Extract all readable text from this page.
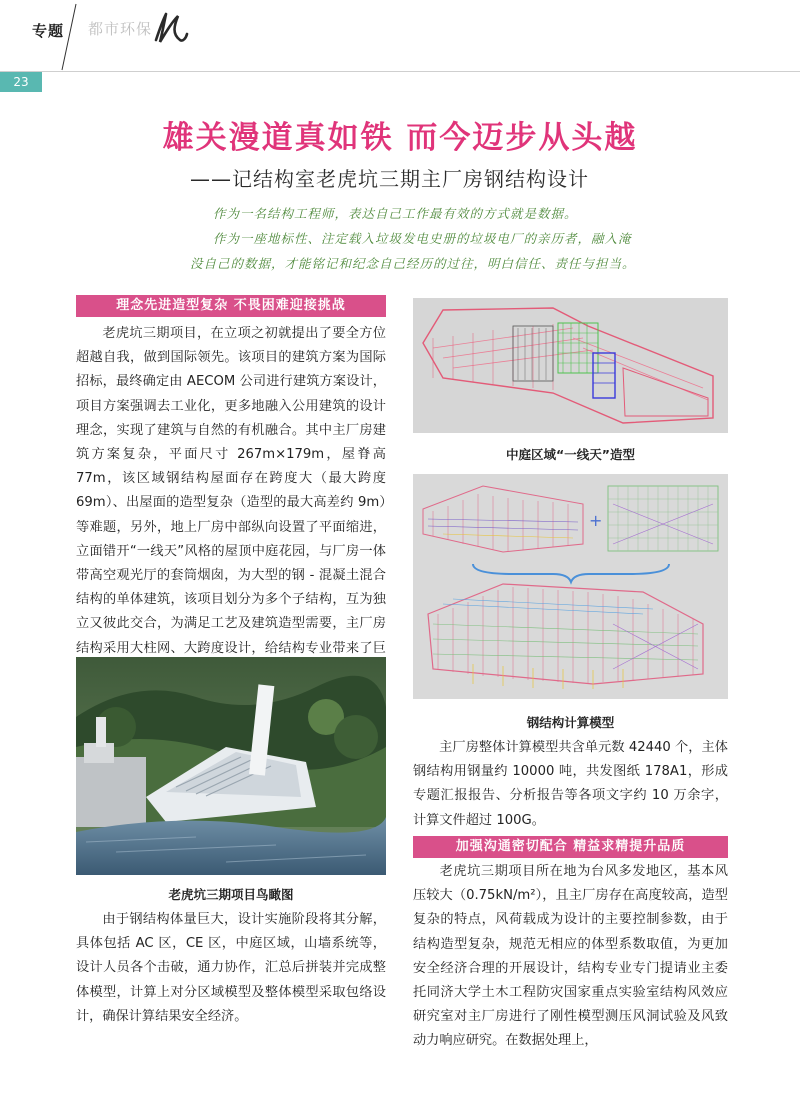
专题 都市环保
23
雄关漫道真如铁 而今迈步从头越
——记结构室老虎坑三期主厂房钢结构设计
作为一名结构工程师，表达自己工作最有效的方式就是数据。
作为一座地标性、注定载入垃圾发电史册的垃圾电厂的亲历者，融入淹
没自己的数据，才能铭记和纪念自己经历的过往，明白信任、责任与担当。
理念先进造型复杂 不畏困难迎接挑战

老虎坑三期项目，在立项之初就提出了要全方位超越自我，做到国际领先。该项目的建筑方案为国际招标，最终确定由 AECOM 公司进行建筑方案设计，项目方案强调去工业化，更多地融入公用建筑的设计理念，实现了建筑与自然的有机融合。其中主厂房建筑方案复杂，平面尺寸 267m×179m，屋脊高 77m，该区域钢结构屋面存在跨度大（最大跨度 69m）、出屋面的造型复杂（造型的最大高差约 9m）等难题，另外，地上厂房中部纵向设置了平面缩进，立面错开“一线天”风格的屋顶中庭花园，与厂房一体带高空观光厅的套筒烟囱，为大型的钢 - 混凝土混合结构的单体建筑，该项目划分为多个子结构，互为独立又彼此交合，为满足工艺及建筑造型需要，主厂房结构采用大柱网、大跨度设计，给结构专业带来了巨

老虎坑三期项目鸟瞰图

由于钢结构体量巨大，设计实施阶段将其分解，具体包括 AC 区，CE 区，中庭区域，山墙系统等，设计人员各个击破，通力协作，汇总后拼装并完成整体模型，计算上对分区域模型及整体模型采取包络设计，确保计算结果安全经济。

中庭区域“一线天”造型
+
钢结构计算模型

主厂房整体计算模型共含单元数 42440 个，主体钢结构用钢量约 10000 吨，共发图纸 178A1，形成专题汇报报告、分析报告等各项文字约 10 万余字，计算文件超过 100G。

加强沟通密切配合 精益求精提升品质

老虎坑三期项目所在地为台风多发地区，基本风压较大（0.75kN/m²），且主厂房存在高度较高，造型复杂的特点，风荷载成为设计的主要控制参数，由于结构造型复杂，规范无相应的体型系数取值，为更加安全经济合理的开展设计，结构专业专门提请业主委托同济大学土木工程防灾国家重点实验室结构风效应研究室对主厂房进行了刚性模型测压风洞试验及风致动力响应研究。在数据处理上，
